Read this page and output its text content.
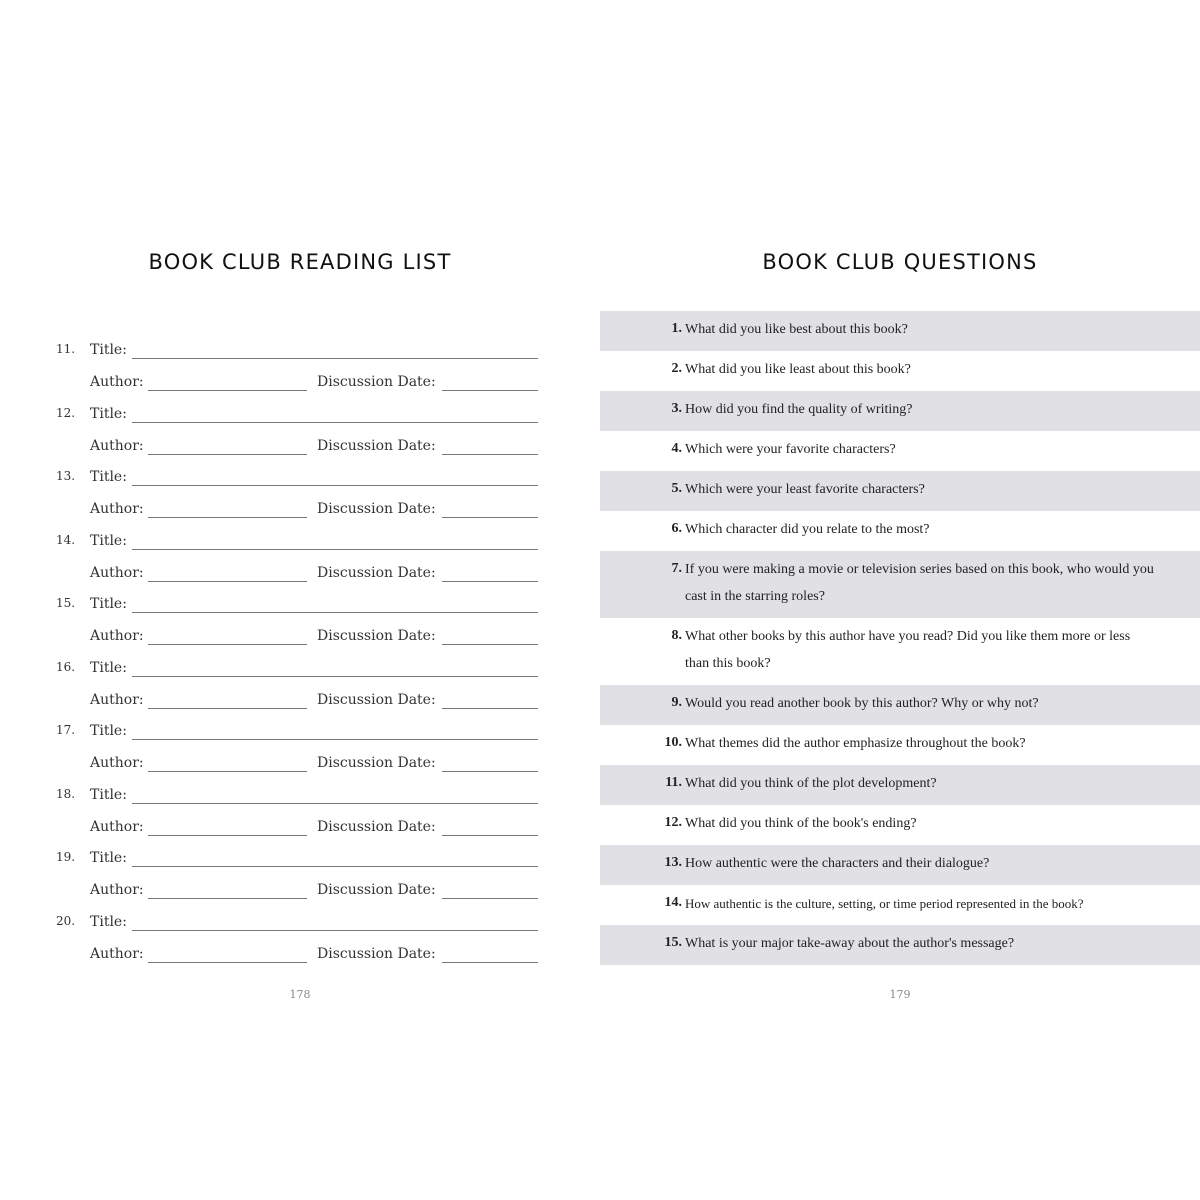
BOOK CLUB READING LIST
11.	Title:
Author:	Discussion Date:
12.	Title:
Author:	Discussion Date:
13.	Title:
Author:	Discussion Date:
14.	Title:
Author:	Discussion Date:
15.	Title:
Author:	Discussion Date:
16.	Title:
Author:	Discussion Date:
17.	Title:
Author:	Discussion Date:
18.	Title:
Author:	Discussion Date:
19.	Title:
Author:	Discussion Date:
20.	Title:
Author:	Discussion Date:
178
BOOK CLUB QUESTIONS
1. What did you like best about this book?
2. What did you like least about this book?
3. How did you find the quality of writing?
4. Which were your favorite characters?
5. Which were your least favorite characters?
6. Which character did you relate to the most?
7. If you were making a movie or television series based on this book, who would you cast in the starring roles?
8. What other books by this author have you read? Did you like them more or less than this book?
9. Would you read another book by this author? Why or why not?
10. What themes did the author emphasize throughout the book?
11. What did you think of the plot development?
12. What did you think of the book's ending?
13. How authentic were the characters and their dialogue?
14. How authentic is the culture, setting, or time period represented in the book?
15. What is your major take-away about the author's message?
179
